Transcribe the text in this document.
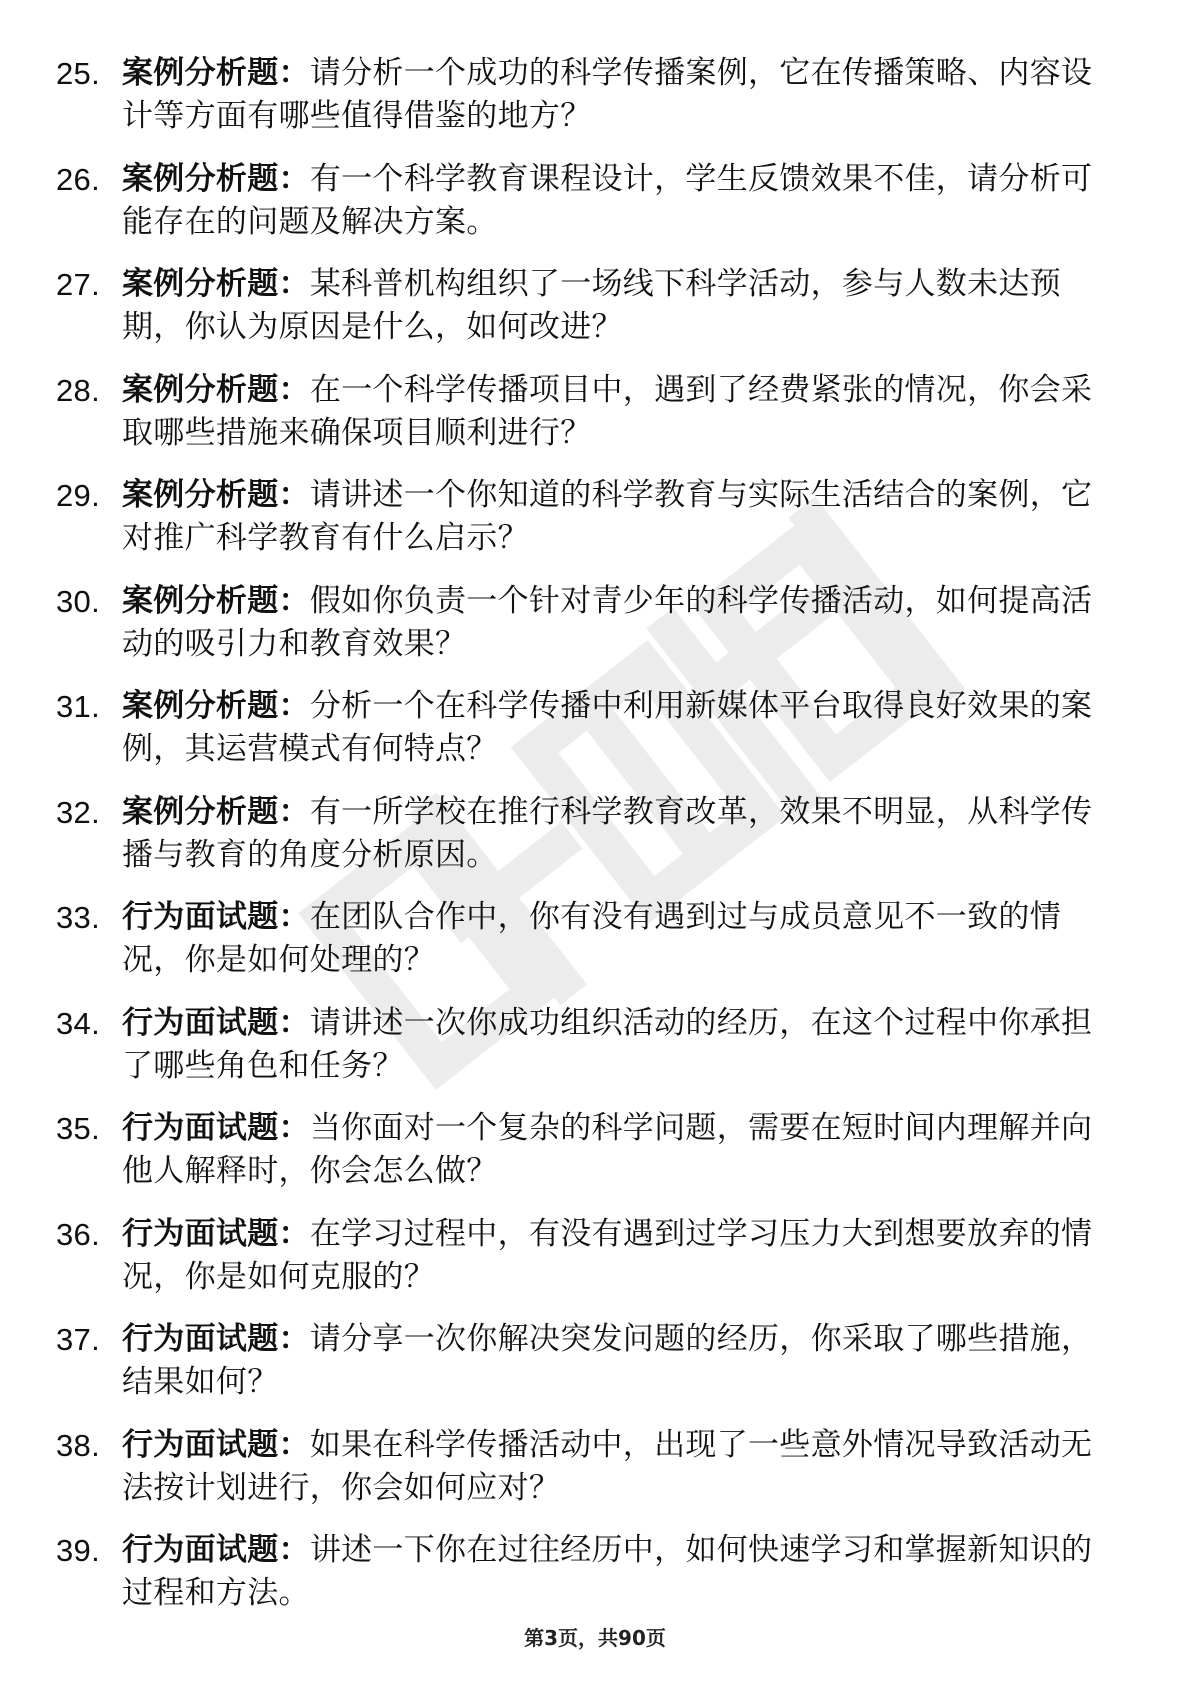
25. 案例分析题：请分析一个成功的科学传播案例，它在传播策略、内容设计等方面有哪些值得借鉴的地方？
26. 案例分析题：有一个科学教育课程设计，学生反馈效果不佳，请分析可能存在的问题及解决方案。
27. 案例分析题：某科普机构组织了一场线下科学活动，参与人数未达预期，你认为原因是什么，如何改进？
28. 案例分析题：在一个科学传播项目中，遇到了经费紧张的情况，你会采取哪些措施来确保项目顺利进行？
29. 案例分析题：请讲述一个你知道的科学教育与实际生活结合的案例，它对推广科学教育有什么启示？
30. 案例分析题：假如你负责一个针对青少年的科学传播活动，如何提高活动的吸引力和教育效果？
31. 案例分析题：分析一个在科学传播中利用新媒体平台取得良好效果的案例，其运营模式有何特点？
32. 案例分析题：有一所学校在推行科学教育改革，效果不明显，从科学传播与教育的角度分析原因。
33. 行为面试题：在团队合作中，你有没有遇到过与成员意见不一致的情况，你是如何处理的？
34. 行为面试题：请讲述一次你成功组织活动的经历，在这个过程中你承担了哪些角色和任务？
35. 行为面试题：当你面对一个复杂的科学问题，需要在短时间内理解并向他人解释时，你会怎么做？
36. 行为面试题：在学习过程中，有没有遇到过学习压力大到想要放弃的情况，你是如何克服的？
37. 行为面试题：请分享一次你解决突发问题的经历，你采取了哪些措施，结果如何？
38. 行为面试题：如果在科学传播活动中，出现了一些意外情况导致活动无法按计划进行，你会如何应对？
39. 行为面试题：讲述一下你在过往经历中，如何快速学习和掌握新知识的过程和方法。
第3页，共90页
